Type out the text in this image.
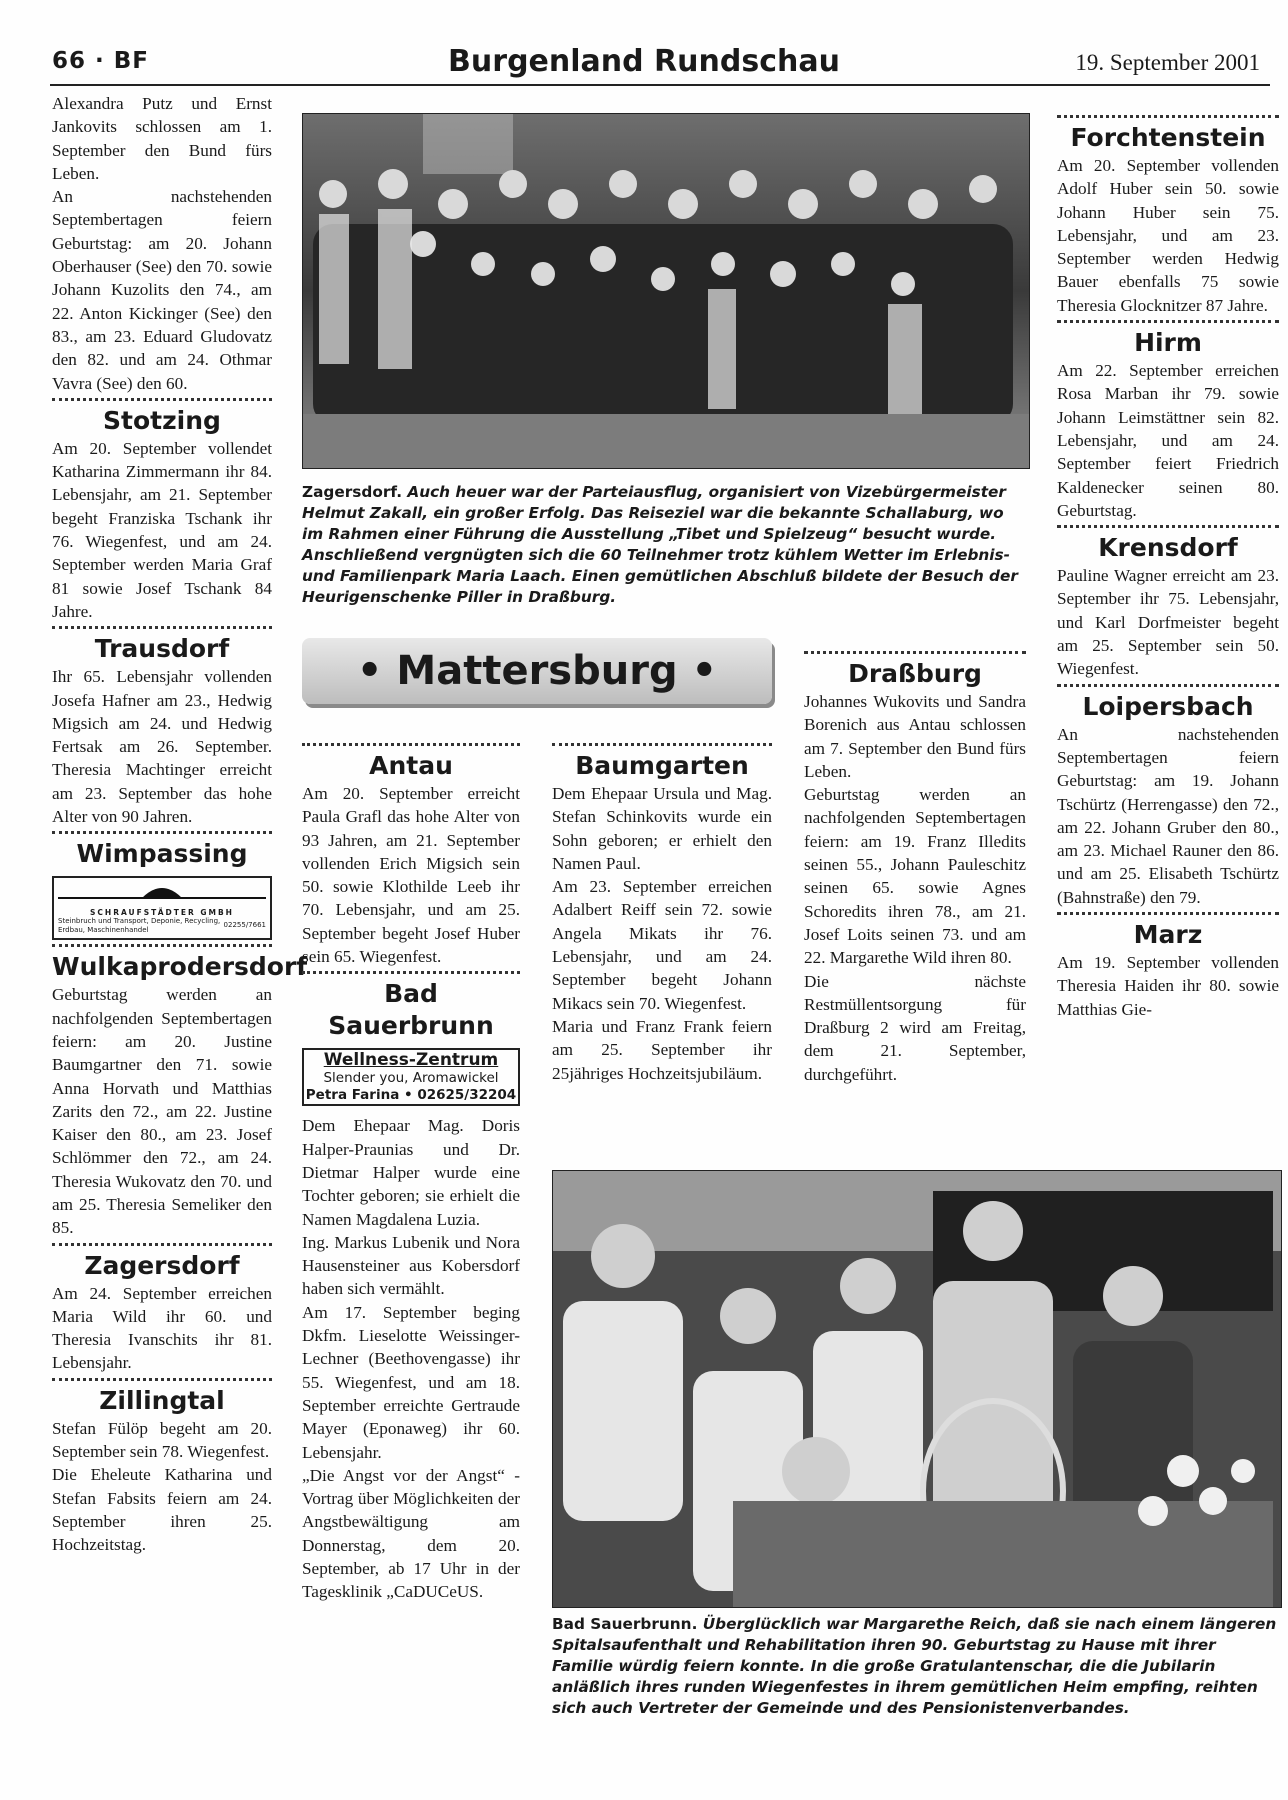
66 · BF	Burgenland Rundschau	19. September 2001

Alexandra Putz und Ernst Jankovits schlossen am 1. September den Bund fürs Leben.

An nachstehenden Septembertagen feiern Geburtstag: am 20. Johann Oberhauser (See) den 70. sowie Johann Kuzolits den 74., am 22. Anton Kickinger (See) den 83., am 23. Eduard Gludovatz den 82. und am 24. Othmar Vavra (See) den 60.

Stotzing

Am 20. September vollendet Katharina Zimmermann ihr 84. Lebensjahr, am 21. September begeht Franziska Tschank ihr 76. Wiegenfest, und am 24. September werden Maria Graf 81 sowie Josef Tschank 84 Jahre.

Trausdorf

Ihr 65. Lebensjahr vollenden Josefa Hafner am 23., Hedwig Migsich am 24. und Hedwig Fertsak am 26. September. Theresia Machtinger erreicht am 23. September das hohe Alter von 90 Jahren.

Wimpassing
SCHRAUFSTÄDTER GMBH
Steinbruch und Transport, Deponie, Recycling,
Erdbau, Maschinenhandel
02255/7661
Wulkaprodersdorf

Geburtstag werden an nachfolgenden Septembertagen feiern: am 20. Justine Baumgartner den 71. sowie Anna Horvath und Matthias Zarits den 72., am 22. Justine Kaiser den 80., am 23. Josef Schlömmer den 72., am 24. Theresia Wukovatz den 70. und am 25. Theresia Semeliker den 85.

Zagersdorf

Am 24. September erreichen Maria Wild ihr 60. und Theresia Ivanschits ihr 81. Lebensjahr.

Zillingtal

Stefan Fülöp begeht am 20. September sein 78. Wiegenfest.

Die Eheleute Katharina und Stefan Fabsits feiern am 24. September ihren 25. Hochzeitstag.

Zagersdorf. Auch heuer war der Parteiausflug, organisiert von Vizebürgermeister Helmut Zakall, ein großer Erfolg. Das Reiseziel war die bekannte Schallaburg, wo im Rahmen einer Führung die Ausstellung „Tibet und Spielzeug“ besucht wurde. Anschließend vergnügten sich die 60 Teilnehmer trotz kühlem Wetter im Erlebnis- und Familienpark Maria Laach. Einen gemütlichen Abschluß bildete der Besuch der Heurigenschenke Piller in Draßburg.
• Mattersburg •
Antau

Am 20. September erreicht Paula Grafl das hohe Alter von 93 Jahren, am 21. September vollenden Erich Migsich sein 50. sowie Klothilde Leeb ihr 70. Lebensjahr, und am 25. September begeht Josef Huber sein 65. Wiegenfest.

Bad Sauerbrunn
Wellness-Zentrum
Slender you, Aromawickel
Petra Farina • 02625/32204

Dem Ehepaar Mag. Doris Halper-Praunias und Dr. Dietmar Halper wurde eine Tochter geboren; sie erhielt die Namen Magdalena Luzia.

Ing. Markus Lubenik und Nora Hausensteiner aus Kobersdorf haben sich vermählt.

Am 17. September beging Dkfm. Lieselotte Weissinger-Lechner (Beethovengasse) ihr 55. Wiegenfest, und am 18. September erreichte Gertraude Mayer (Eponaweg) ihr 60. Lebensjahr.

„Die Angst vor der Angst“ - Vortrag über Möglichkeiten der Angstbewältigung am Donnerstag, dem 20. September, ab 17 Uhr in der Tagesklinik „CaDUCeUS.

Baumgarten

Dem Ehepaar Ursula und Mag. Stefan Schinkovits wurde ein Sohn geboren; er erhielt den Namen Paul.

Am 23. September erreichen Adalbert Reiff sein 72. sowie Angela Mikats ihr 76. Lebensjahr, und am 24. September begeht Johann Mikacs sein 70. Wiegenfest.

Maria und Franz Frank feiern am 25. September ihr 25jähriges Hochzeitsjubiläum.

Draßburg

Johannes Wukovits und Sandra Borenich aus Antau schlossen am 7. September den Bund fürs Leben.

Geburtstag werden an nachfolgenden Septembertagen feiern: am 19. Franz Illedits seinen 55., Johann Pauleschitz seinen 65. sowie Agnes Schoredits ihren 78., am 21. Josef Loits seinen 73. und am 22. Margarethe Wild ihren 80.

Die nächste Restmüllentsorgung für Draßburg 2 wird am Freitag, dem 21. September, durchgeführt.

Forchtenstein

Am 20. September vollenden Adolf Huber sein 50. sowie Johann Huber sein 75. Lebensjahr, und am 23. September werden Hedwig Bauer ebenfalls 75 sowie Theresia Glocknitzer 87 Jahre.

Hirm

Am 22. September erreichen Rosa Marban ihr 79. sowie Johann Leimstättner sein 82. Lebensjahr, und am 24. September feiert Friedrich Kaldenecker seinen 80. Geburtstag.

Krensdorf

Pauline Wagner erreicht am 23. September ihr 75. Lebensjahr, und Karl Dorfmeister begeht am 25. September sein 50. Wiegenfest.

Loipersbach

An nachstehenden Septembertagen feiern Geburtstag: am 19. Johann Tschürtz (Herrengasse) den 72., am 22. Johann Gruber den 80., am 23. Michael Rauner den 86. und am 25. Elisabeth Tschürtz (Bahnstraße) den 79.

Marz

Am 19. September vollenden Theresia Haiden ihr 80. sowie Matthias Gie-

Bad Sauerbrunn. Überglücklich war Margarethe Reich, daß sie nach einem längeren Spitalsaufenthalt und Rehabilitation ihren 90. Geburtstag zu Hause mit ihrer Familie würdig feiern konnte. In die große Gratulantenschar, die die Jubilarin anläßlich ihres runden Wiegenfestes in ihrem gemütlichen Heim empfing, reihten sich auch Vertreter der Gemeinde und des Pensionistenverbandes.
